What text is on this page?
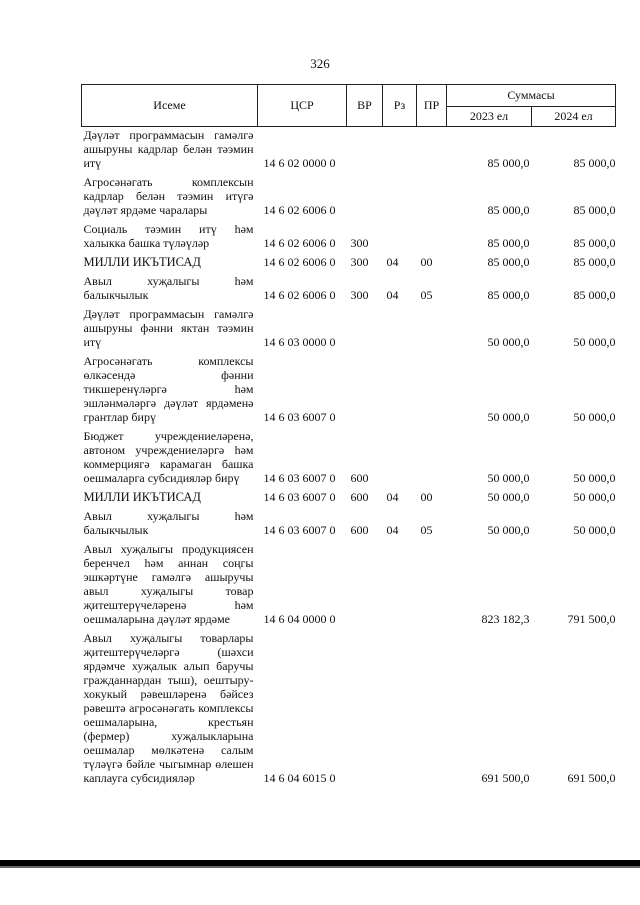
326
Исеме	ЦСР	ВР	Рз	ПР	Суммасы	
					2023 ел	2024 ел
Дәүләт программасын гамәлгә ашыруны кадрлар белән тәэмин итү	14 6 02 0000 0				85 000,0	85 000,0
Агросәнәгать комплексын кадрлар белән тәэмин итүгә дәүләт ярдәме чаралары	14 6 02 6006 0				85 000,0	85 000,0
Социаль тәэмин итү һәм халыкка башка түләүләр	14 6 02 6006 0	300			85 000,0	85 000,0
МИЛЛИ ИКЪТИСАД	14 6 02 6006 0	300	04	00	85 000,0	85 000,0
Авыл хуҗалыгы һәм балыкчылык	14 6 02 6006 0	300	04	05	85 000,0	85 000,0
Дәүләт программасын гамәлгә ашыруны фәнни яктан тәэмин итү	14 6 03 0000 0				50 000,0	50 000,0
Агросәнәгать комплексы өлкәсендә фәнни тикшеренүләргә һәм эшләнмәләргә дәүләт ярдәменә грантлар бирү	14 6 03 6007 0				50 000,0	50 000,0
Бюджет учреждениеләренә, автоном учреждениеләргә һәм коммерциягә карамаган башка оешмаларга субсидияләр бирү	14 6 03 6007 0	600			50 000,0	50 000,0
МИЛЛИ ИКЪТИСАД	14 6 03 6007 0	600	04	00	50 000,0	50 000,0
Авыл хуҗалыгы һәм балыкчылык	14 6 03 6007 0	600	04	05	50 000,0	50 000,0
Авыл хуҗалыгы продукциясен беренчел һәм аннан соңгы эшкәртүне гамәлгә ашыручы авыл хуҗалыгы товар җитештерүчеләренә һәм оешмаларына дәүләт ярдәме	14 6 04 0000 0				823 182,3	791 500,0
Авыл хуҗалыгы товарлары җитештерүчеләргә (шәхси ярдәмче хуҗалык алып баручы гражданнардан тыш), оештыру-хокукый рәвешләренә бәйсез рәвештә агросәнәгать комплексы оешмаларына, крестьян (фермер) хуҗалыкларына оешмалар мөлкәтенә салым түләүгә бәйле чыгымнар өлешен каплауга субсидияләр	14 6 04 6015 0				691 500,0	691 500,0
